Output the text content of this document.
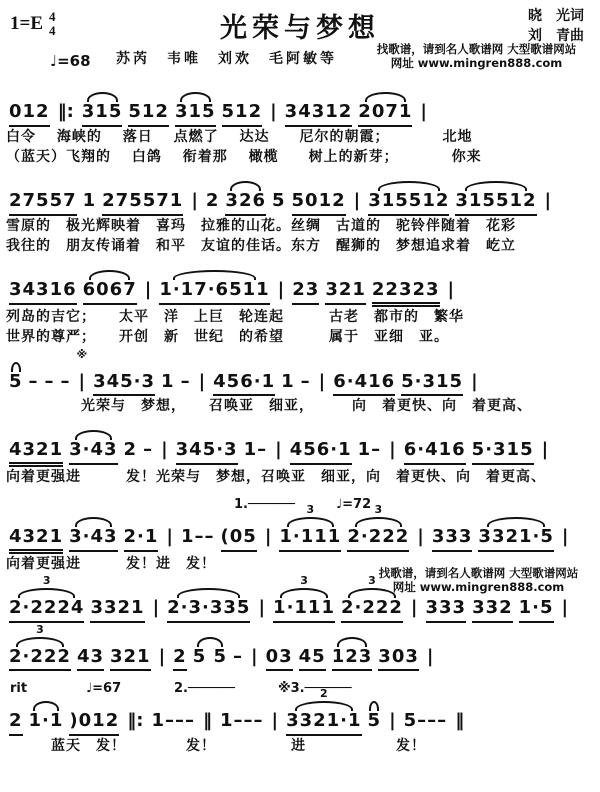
1=E 4
4
♩=68
光荣与梦想	晓　光词
刘　青曲
苏芮　韦唯　刘欢　毛阿敏等
找歌谱，请到名人歌谱网 大型歌谱网站
网址 www.mingren888.com
012 ‖: 315 512 315 512 | 34312 2071 |
白令　 海峡的　 落日　 点燃了　 达达　　尼尔的朝霞；　　　　北地
（蓝天）飞翔的　 白鸽　 衔着那　 橄榄　　树上的新芽；　　　　你来
27557 1 275571 | 2 326 5 5012 | 315512 315512 |
雪原的　极光辉映着　喜玛　拉雅的山花。丝绸　古道的　驼铃伴随着　花彩
我往的　朋友传诵着　和平　友谊的佳话。东方　醒狮的　梦想追求着　屹立
34316 6067 | 1·17·6511 | 23 321 22323 |
列岛的吉它；　　太平　洋　上巨　轮连起　　　古老　都市的　繁华
世界的尊严；　　开创　新　世纪　的希望　　　属于　亚细　亚。
5 – – – | ※ 345·3 1 – | 456·1 1 – | 6·416 5·315 |
　　　　　光荣与　梦想，　　召唤亚　细亚，　　　向　着更快、向　着更高、
4321 3·43 2 – | 345·3 1– | 456·1 1– | 6·416 5·315 |
向着更强进　　　发！光荣与　梦想，召唤亚　细亚，向　着更快、向　着更高、
1.──────	♩=72
4321 3·43 2·1 | 1–– (05 | 1·111 3 2·222 3 | 333 3321·5 |
向着更强进　　　发！进　发！
2·2224 3 3321 | 2·3·335 | 1·111 3 2·222 3 | 333 332 1·5 |
2·222 3 43 321 | 2 5 5 – | 03 45 123 303 |
rit	♩=67	2.──────	※3.──────
2 1·1 )012 ‖: 1––– ‖ 1––– | 3321·1 2 5 | 5––– ‖
　　　蓝天　发！　　　　发！　　　　　进　　　　　　发！
找歌谱，请到名人歌谱网 大型歌谱网站
网址 www.mingren888.com
